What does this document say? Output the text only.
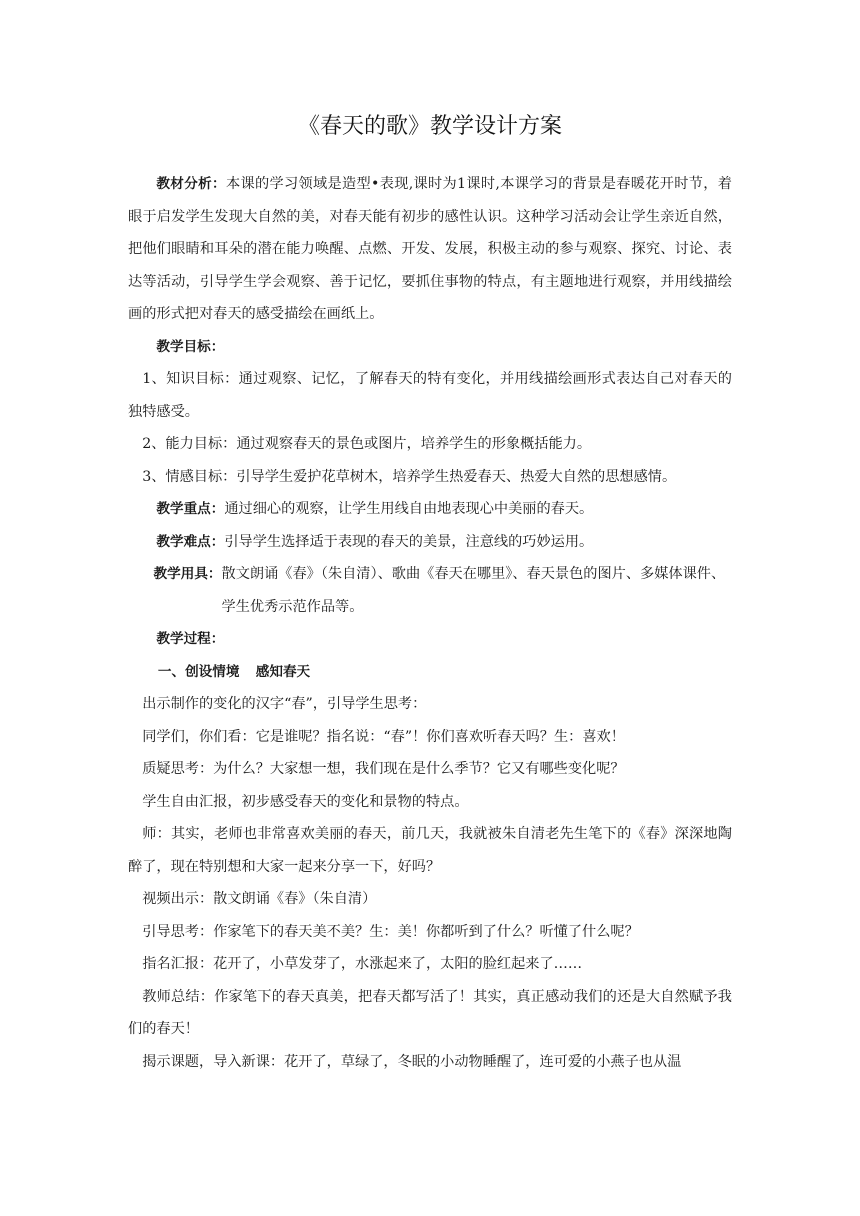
《春天的歌》教学设计方案

教材分析：本课的学习领域是造型•表现,课时为1课时,本课学习的背景是春暖花开时节，着眼于启发学生发现大自然的美，对春天能有初步的感性认识。这种学习活动会让学生亲近自然，把他们眼睛和耳朵的潜在能力唤醒、点燃、开发、发展，积极主动的参与观察、探究、讨论、表达等活动，引导学生学会观察、善于记忆，要抓住事物的特点，有主题地进行观察，并用线描绘画的形式把对春天的感受描绘在画纸上。

教学目标：

1、知识目标：通过观察、记忆，了解春天的特有变化，并用线描绘画形式表达自己对春天的独特感受。

2、能力目标：通过观察春天的景色或图片，培养学生的形象概括能力。

3、情感目标：引导学生爱护花草树木，培养学生热爱春天、热爱大自然的思想感情。

教学重点：通过细心的观察，让学生用线自由地表现心中美丽的春天。

教学难点：引导学生选择适于表现的春天的美景，注意线的巧妙运用。

教学用具： 散文朗诵《春》（朱自清）、歌曲《春天在哪里》、春天景色的图片、多媒体课件、学生优秀示范作品等。

教学过程：

一、创设情境 感知春天

出示制作的变化的汉字“春”，引导学生思考：

同学们，你们看：它是谁呢？指名说：“春”！你们喜欢听春天吗？生：喜欢！

质疑思考：为什么？大家想一想，我们现在是什么季节？它又有哪些变化呢？

学生自由汇报，初步感受春天的变化和景物的特点。

师：其实，老师也非常喜欢美丽的春天，前几天，我就被朱自清老先生笔下的《春》深深地陶醉了，现在特别想和大家一起来分享一下，好吗？

视频出示：散文朗诵《春》（朱自清）

引导思考：作家笔下的春天美不美？生：美！你都听到了什么？听懂了什么呢？

指名汇报：花开了，小草发芽了，水涨起来了，太阳的脸红起来了……

教师总结：作家笔下的春天真美，把春天都写活了！其实，真正感动我们的还是大自然赋予我们的春天！

揭示课题，导入新课：花开了，草绿了，冬眠的小动物睡醒了，连可爱的小燕子也从温
